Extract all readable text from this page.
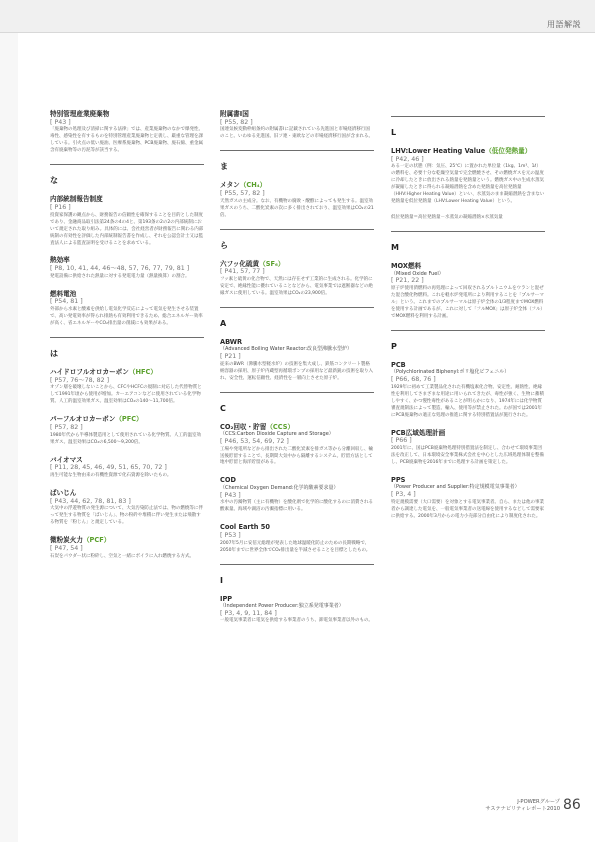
用語解説
特別管理産業廃棄物
[ P43 ]
「廃棄物の処理及び清掃に関する法律」では、産業廃棄物のなかで爆発性、毒性、感染性を有するものを特別管理産業廃棄物と定義し、厳重な管理を課している。引火点の低い廃油、医療系廃棄物、PCB廃棄物、廃石綿、重金属含有廃棄物等の汚泥等が該当する。
な
内部統制報告制度
[ P16 ]
投資家保護の観点から、財務報告の信頼性を確保することを目的とした制度であり、金融商品取引法第24条の4の4と、第193条の2の2の内部統制において規定された取り組み。具体的には、会社経営者が財務報告に関わる内部統制の有効性を評価した内部統制報告書を作成し、それを公認会計士又は監査法人による監査証明を受けることを求めている。
熱効率
[ P8, 10, 41, 44, 46〜48, 57, 76, 77, 79, 81 ]
発電設備に供給された熱量に対する発電電力量（熱量換算）の割合。
燃料電池
[ P54, 81 ]
外部から水素と酸素を供給し電気化学反応によって電気を発生させる装置で、高い発電効率が得られ排熱も有効利用できるため、総合エネルギー効率が高く、省エネルギーやCO₂排出量の削減にも効果がある。
は
ハイドロフルオロカーボン（HFC）
[ P57, 76〜78, 82 ]
オゾン層を破壊しないことから、CFCやHCFCの規制に対応した代替物質として1991年頃から使用が増加。カーエアコンなどに使用されている化学物質。人工的温室効果ガス。温室効果はCO₂の140〜11,700倍。
パーフルオロカーボン（PFC）
[ P57, 82 ]
1980年代から半導体製造用として使用されている化学物質。人工的温室効果ガス。温室効果はCO₂の6,500〜9,200倍。
バイオマス
[ P11, 28, 45, 46, 49, 51, 65, 70, 72 ]
再生可能な生物由来の有機性資源で化石資源を除いたもの。
ばいじん
[ P43, 44, 62, 78, 81, 83 ]
大気中の浮遊物質の発生源について、大気汚染防止法では、物の燃焼等に伴って発生する物質を「ばいじん」、物の粉砕や堆積に伴い発生または飛散する物質を「粉じん」と規定している。
微粉炭火力（PCF）
[ P47, 54 ]
石炭をパウダー状に粉砕し、空気と一緒にボイラに入れ燃焼する方式。
附属書Ⅰ国
[ P55, 82 ]
国連気候変動枠組条約の附属書Ⅰに記載されている先進国と市場経済移行国のこと。いわゆる先進国。旧ソ連・東欧などの市場経済移行国が含まれる。
ま
メタン（CH₄）
[ P55, 57, 82 ]
天然ガスの主成分。なお、有機物の腐敗・醗酵によっても発生する。温室効果ガスのうち、二酸化炭素の次に多く排出されており、温室効果はCO₂の21倍。
ら
六フッ化硫黄（SF₆）
[ P41, 57, 77 ]
フッ素と硫黄の化合物で、天然には存在せず工業的に生成される。化学的に安定で、絶縁性能に優れていることなどから、電気事業では遮断器などの絶縁ガスに使用している。温室効果はCO₂の23,900倍。
A
ABWR
（Advanced Boiling Water Reactor:改良型沸騰水型炉）
[ P21 ]
従来のBWR（沸騰水型軽水炉）の技術を集大成し、鉄筋コンクリート製格納容器の採用、原子炉内蔵型再循環ポンプの採用など最新鋭の技術を取り入れ、安全性、運転信頼性、経済性を一層向上させた原子炉。
C
CO₂回収・貯留（CCS）
（CCS:Carbon Dioxide Capture and Storage）
[ P46, 53, 54, 69, 72 ]
工場や発電所などから排出された二酸化炭素を排ガス等から分離回収し、輸送後貯留することで、長期間大気中から隔離するシステム。貯留方法として地中貯留と海洋貯留がある。
COD
（Chemical Oxygen Demand:化学的酸素要求量）
[ P43 ]
水中の汚濁物質（主に有機物）を酸化剤で化学的に酸化するのに消費される酸素量。海域や湖沼の汚濁指標に用いる。
Cool Earth 50
[ P53 ]
2007年5月に安倍元総理が発表した地球温暖化防止のための長期戦略で、2050年までに世界全体でCO₂排出量を半減させることを目標としたもの。
I
IPP
（Independent Power Producer:独立系発電事業者）
[ P3, 4, 9, 11, 84 ]
一般電気事業者に電気を供給する事業者のうち、卸電気事業者以外のもの。
L
LHV:Lower Heating Value（低位発熱量）
[ P42, 46 ]
ある一定の状態（例：気圧、25℃）に置かれた単位量（1kg、1m³、1ℓ）の燃料を、必要十分な乾燥空気量で完全燃焼させ、その燃焼ガスを元の温度に冷却したときに放出される熱量を発熱量という。燃焼ガス中の生成水蒸気が凝縮したときに得られる凝縮潜熱を含めた発熱量を高位発熱量（HHV:Higher Heating Value）といい、水蒸気のまま凝縮潜熱を含まない発熱量を低位発熱量（LHV:Lower Heating Value）という。
低位発熱量＝高位発熱量－水蒸気の凝縮潜熱×水蒸気量
M
MOX燃料
（Mixed Oxide Fuel）
[ P21, 22 ]
原子炉使用済燃料の再処理によって回収されるプルトニウムをウランと混ぜた混合酸化物燃料。これを軽水炉発電所により利用することを「プルサーマル」という。これまでのプルサーマルは原子炉全体の1/3程度までMOX燃料を使用する計画であるが、これに対して「フルMOX」は原子炉全体（フル）でMOX燃料を利用する計画。
P
PCB
（Polychlorinated Biphenyl:ポリ塩化ビフェニル）
[ P66, 68, 76 ]
1929年に初めて工業製品化された有機塩素化合物。安定性、耐熱性、絶縁性を利用してさまざまな用途に用いられてきたが、毒性が強く、生物に蓄積しやすく、かつ慢性毒性があることが明らかになり、1974年には化学物質審査規制法によって製造、輸入、使用等が禁止された。わが国では2001年にPCB廃棄物の適正な処理の推進に関する特別措置法が施行された。
PCB広域処理計画
[ P66 ]
2001年に、国はPCB廃棄物処理特別措置法を制定し、合わせて環境事業団法を改正して、日本環境安全事業株式会社を中心とした広域処理体制を整備し、PCB廃棄物を2016年までに処理する計画を策定した。
PPS
（Power Producer and Supplier:特定規模電気事業者）
[ P3, 4 ]
特定規模需要（大口需要）を対象とする電気事業者。自ら、または他の事業者から調達した電気を、一般電気事業者の送電線を使用するなどして需要家に供給する。2000年3月からの電力小売部分自由化により制度化された。
J-POWERグループ
サステナビリティレポート2010 86
